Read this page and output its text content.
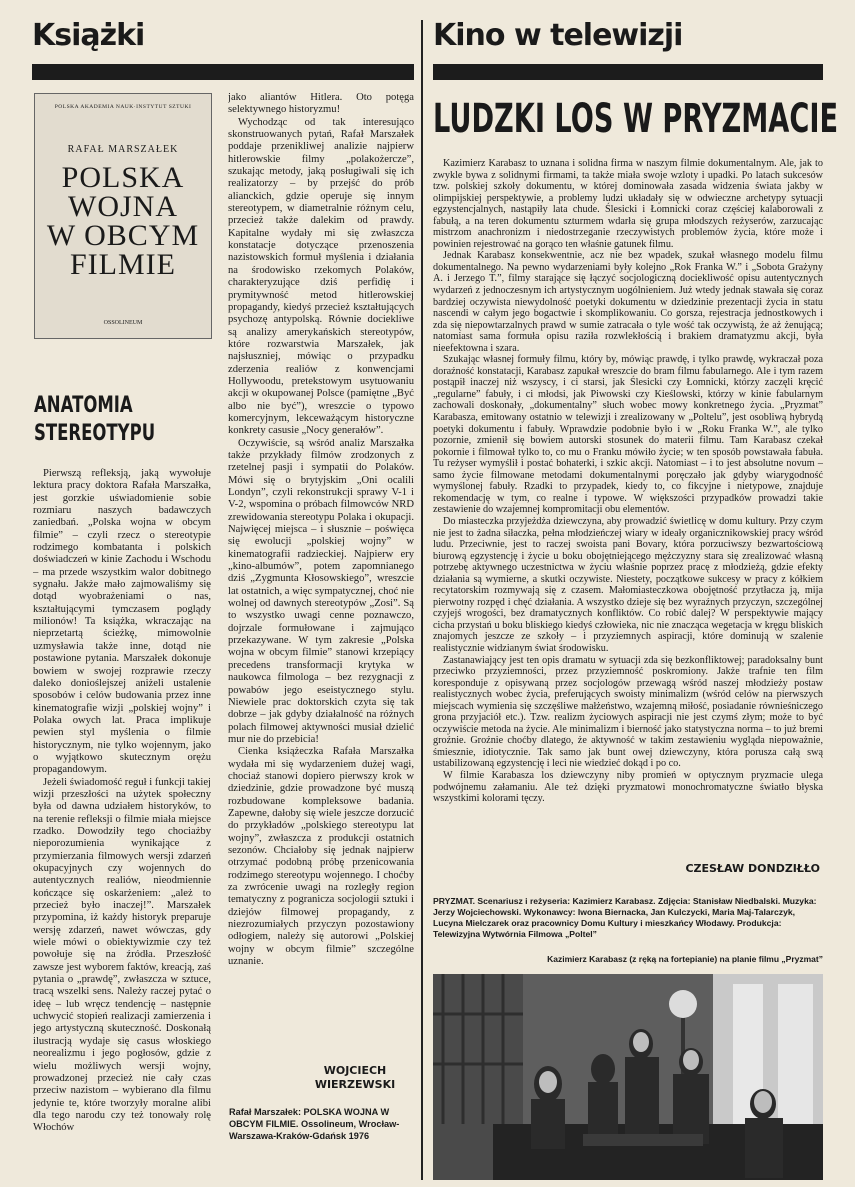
Książki
POLSKA AKADEMIA NAUK·INSTYTUT SZTUKI
RAFAŁ MARSZAŁEK
POLSKA
WOJNA
W OBCYM
FILMIE
OSSOLINEUM
ANATOMIA
STEREOTYPU

Pierwszą refleksją, jaką wywołuje lektura pracy doktora Rafała Marszałka, jest gorzkie uświadomienie sobie rozmiaru naszych badawczych zaniedbań. „Polska wojna w obcym filmie” – czyli rzecz o stereotypie rodzimego kombatanta i polskich doświadczeń w kinie Zachodu i Wschodu – ma przede wszystkim walor dobitnego sygnału. Jakże mało zajmowaliśmy się dotąd wyobrażeniami o nas, kształtującymi tymczasem poglądy milionów! Ta książka, wkraczając na nieprzetartą ścieżkę, mimowolnie uzmysławia także inne, dotąd nie postawione pytania. Marszałek dokonuje bowiem w swojej rozprawie rzeczy daleko donioślejszej aniżeli ustalenie sposobów i celów budowania przez inne kinematografie wizji „polskiej wojny” i Polaka owych lat. Praca implikuje pewien styl myślenia o filmie historycznym, nie tylko wojennym, jako o wyjątkowo skutecznym orężu propagandowym.

Jeżeli świadomość reguł i funkcji takiej wizji przeszłości na użytek społeczny była od dawna udziałem historyków, to na terenie refleksji o filmie miała miejsce rzadko. Dowodziły tego chociażby nieporozumienia wynikające z przymierzania filmowych wersji zdarzeń okupacyjnych czy wojennych do autentycznych realiów, nieodmiennie kończące się oskarżeniem: „ależ to przecież było inaczej!”. Marszałek przypomina, iż każdy historyk preparuje wersję zdarzeń, nawet wówczas, gdy wiele mówi o obiektywizmie czy też powołuje się na źródła. Przeszłość zawsze jest wyborem faktów, kreacją, zaś pytania o „prawdę”, zwłaszcza w sztuce, tracą wszelki sens. Należy raczej pytać o ideę – lub wręcz tendencję – następnie uchwycić stopień realizacji zamierzenia i jego artystyczną skuteczność. Doskonałą ilustracją wydaje się casus włoskiego neorealizmu i jego pogłosów, gdzie z wielu możliwych wersji wojny, prowadzonej przecież nie cały czas przeciw nazistom – wybierano dla filmu jedynie te, które tworzyły moralne alibi dla tego narodu czy też tonowały rolę Włochów

jako aliantów Hitlera. Oto potęga selektywnego historyzmu!

Wychodząc od tak interesująco skonstruowanych pytań, Rafał Marszałek poddaje przenikliwej analizie najpierw hitlerowskie filmy „polakożercze”, szukając metody, jaką posługiwali się ich realizatorzy – by przejść do prób alianckich, gdzie operuje się innym stereotypem, w diametralnie różnym celu, przecież także dalekim od prawdy. Kapitalne wydały mi się zwłaszcza konstatacje dotyczące przenoszenia nazistowskich formuł myślenia i działania na środowisko rzekomych Polaków, charakteryzujące dziś perfidię i prymitywność metod hitlerowskiej propagandy, kiedyś przecież kształtujących psychozę antypolską. Równie dociekliwe są analizy amerykańskich stereotypów, które rozwarstwia Marszałek, jak najsłuszniej, mówiąc o przypadku zderzenia realiów z konwencjami Hollywoodu, pretekstowym usytuowaniu akcji w okupowanej Polsce (pamiętne „Być albo nie być”), wreszcie o typowo komercyjnym, lekceważącym historyczne konkrety casusie „Nocy generałów”.

Oczywiście, są wśród analiz Marszałka także przykłady filmów zrodzonych z rzetelnej pasji i sympatii do Polaków. Mówi się o brytyjskim „Oni ocalili Londyn”, czyli rekonstrukcji sprawy V-1 i V-2, wspomina o próbach filmowców NRD zrewidowania stereotypu Polaka i okupacji. Najwięcej miejsca – i słusznie – poświęca się ewolucji „polskiej wojny” w kinematografii radzieckiej. Najpierw ery „kino-albumów”, potem zapomnianego dziś „Zygmunta Kłosowskiego”, wreszcie lat ostatnich, a więc sympatycznej, choć nie wolnej od dawnych stereotypów „Zosi”. Są to wszystko uwagi cenne poznawczo, dojrzale formułowane i zajmująco przekazywane. W tym zakresie „Polska wojna w obcym filmie” stanowi krzepiący precedens transformacji krytyka w naukowca filmologa – bez rezygnacji z powabów jego eseistycznego stylu. Niewiele prac doktorskich czyta się tak dobrze – jak gdyby działalność na różnych polach filmowej aktywności musiał dzielić mur nie do przebicia!

Cienka książeczka Rafała Marszałka wydała mi się wydarzeniem dużej wagi, chociaż stanowi dopiero pierwszy krok w dziedzinie, gdzie prowadzone być muszą rozbudowane kompleksowe badania. Zapewne, dałoby się wiele jeszcze dorzucić do przykładów „polskiego stereotypu lat wojny”, zwłaszcza z produkcji ostatnich sezonów. Chciałoby się jednak najpierw otrzymać podobną próbę przenicowania rodzimego stereotypu wojennego. I choćby za zwrócenie uwagi na rozległy region tematyczny z pogranicza socjologii sztuki i dziejów filmowej propagandy, z niezrozumiałych przyczyn pozostawiony odłogiem, należy się autorowi „Polskiej wojny w obcym filmie” szczególne uznanie.

WOJCIECH
WIERZEWSKI
Rafał Marszałek: POLSKA WOJNA W OBCYM FILMIE. Ossolineum, Wrocław-Warszawa-Kraków-Gdańsk 1976
Kino w telewizji
LUDZKI LOS W PRYZMACIE

Kazimierz Karabasz to uznana i solidna firma w naszym filmie dokumentalnym. Ale, jak to zwykle bywa z solidnymi firmami, ta także miała swoje wzloty i upadki. Po latach sukcesów tzw. polskiej szkoły dokumentu, w której dominowała zasada widzenia świata jakby w olimpijskiej perspektywie, a problemy ludzi układały się w odwieczne archetypy sytuacji egzystencjalnych, nastąpiły lata chude. Ślesicki i Łomnicki coraz częściej kalaborowali z fabułą, a na teren dokumentu szturmem wdarła się grupa młodszych reżyserów, zarzucając mistrzom anachronizm i niedostrzeganie rzeczywistych problemów życia, które może i powinien rejestrować na gorąco ten właśnie gatunek filmu.

Jednak Karabasz konsekwentnie, acz nie bez wpadek, szukał własnego modelu filmu dokumentalnego. Na pewno wydarzeniami były kolejno „Rok Franka W.” i „Sobota Grażyny A. i Jerzego T.”, filmy starające się łączyć socjologiczną dociekliwość opisu autentycznych wydarzeń z jednoczesnym ich artystycznym uogólnieniem. Już wtedy jednak stawała się coraz bardziej oczywista niewydolność poetyki dokumentu w dziedzinie prezentacji życia in statu nascendi w całym jego bogactwie i skomplikowaniu. Co gorsza, rejestracja jednostkowych i zda się niepowtarzalnych prawd w sumie zatracała o tyle wość tak oczywistą, że aż żenującą; natomiast sama formuła opisu raziła rozwlekłością i brakiem dramatyzmu akcji, była nieefektowna i szara.

Szukając własnej formuły filmu, który by, mówiąc prawdę, i tylko prawdę, wykraczał poza doraźność konstatacji, Karabasz zapukał wreszcie do bram filmu fabularnego. Ale i tym razem postąpił inaczej niż wszyscy, i ci starsi, jak Ślesicki czy Łomnicki, którzy zaczęli kręcić „regularne” fabuły, i ci młodsi, jak Piwowski czy Kieślowski, którzy w kinie fabularnym zachowali doskonały, „dokumentalny” słuch wobec mowy konkretnego życia. „Pryzmat” Karabasza, emitowany ostatnio w telewizji i zrealizowany w „Poltelu”, jest osobliwą hybrydą poetyki dokumentu i fabuły. Wprawdzie podobnie było i w „Roku Franka W.”, ale tylko pozornie, zmienił się bowiem autorski stosunek do materii filmu. Tam Karabasz czekał pokornie i filmował tylko to, co mu o Franku mówiło życie; w ten sposób powstawała fabuła. Tu reżyser wymyślił i postać bohaterki, i szkic akcji. Natomiast – i to jest absolutne novum – samo życie filmowane metodami dokumentalnymi poręczało jak gdyby wiarygodność wymyślonej fabuły. Rzadki to przypadek, kiedy to, co fikcyjne i nietypowe, znajduje rekomendację w tym, co realne i typowe. W większości przypadków prowadzi takie zestawienie do wzajemnej kompromitacji obu elementów.

Do miasteczka przyjeżdża dziewczyna, aby prowadzić świetlicę w domu kultury. Przy czym nie jest to żadna siłaczka, pełna młodzieńczej wiary w ideały organicznikowskiej pracy wśród ludu. Przeciwnie, jest to raczej swoista pani Bovary, która porzuciwszy bezwartościową biurową egzystencję i życie u boku obojętniejącego mężczyzny stara się zrealizować własną potrzebę aktywnego uczestnictwa w życiu właśnie poprzez pracę z młodzieżą, gdzie efekty działania są wymierne, a skutki oczywiste. Niestety, początkowe sukcesy w pracy z kółkiem recytatorskim rozmywają się z czasem. Małomiasteczkowa obojętność przytłacza ją, mija pierwotny rozpęd i chęć działania. A wszystko dzieje się bez wyraźnych przyczyn, szczególnej czyjejś wrogości, bez dramatycznych konfliktów. Co robić dalej? W perspektywie mający cicha przystań u boku bliskiego kiedyś człowieka, nic nie znacząca wegetacja w kręgu bliskich znajomych jeszcze ze szkoły – i przyziemnych aspiracji, które dominują w szalenie realistycznie widzianym świat środowisku.

Zastanawiający jest ten opis dramatu w sytuacji zda się bezkonfliktowej; paradoksalny bunt przeciwko przyziemności, przez przyziemność poskromiony. Jakże trafnie ten film koresponduje z opisywaną przez socjologów przewagą wśród naszej młodzieży postaw realistycznych wobec życia, preferujących swoisty minimalizm (wśród celów na pierwszych miejscach wymienia się szczęśliwe małżeństwo, wzajemną miłość, posiadanie równieśniczego grona przyjaciół etc.). Tzw. realizm życiowych aspiracji nie jest czymś złym; może to być oczywiście metoda na życie. Ale minimalizm i bierność jako statystyczna norma – to już bremi groźnie. Groźnie choćby dlatego, że aktywność w takim zestawieniu wygląda niepoważnie, śmiesznie, idiotycznie. Tak samo jak bunt owej dziewczyny, która porusza całą swą ustabilizowaną egzystencję i leci nie wiedzieć dokąd i po co.

W filmie Karabasza los dziewczyny niby promień w optycznym pryzmacie ulega podwójnemu załamaniu. Ale też dzięki pryzmatowi monochromatyczne światło błyska wszystkimi kolorami tęczy.

CZESŁAW DONDZIŁŁO
PRYZMAT. Scenariusz i reżyseria: Kazimierz Karabasz. Zdjęcia: Stanisław Niedbalski. Muzyka: Jerzy Wojciechowski. Wykonawcy: Iwona Biernacka, Jan Kulczycki, Maria Maj-Talarczyk, Lucyna Mielczarek oraz pracownicy Domu Kultury i mieszkańcy Włodawy. Produkcja: Telewizyjna Wytwórnia Filmowa „Poltel”
Kazimierz Karabasz (z ręką na fortepianie) na planie filmu „Pryzmat”
